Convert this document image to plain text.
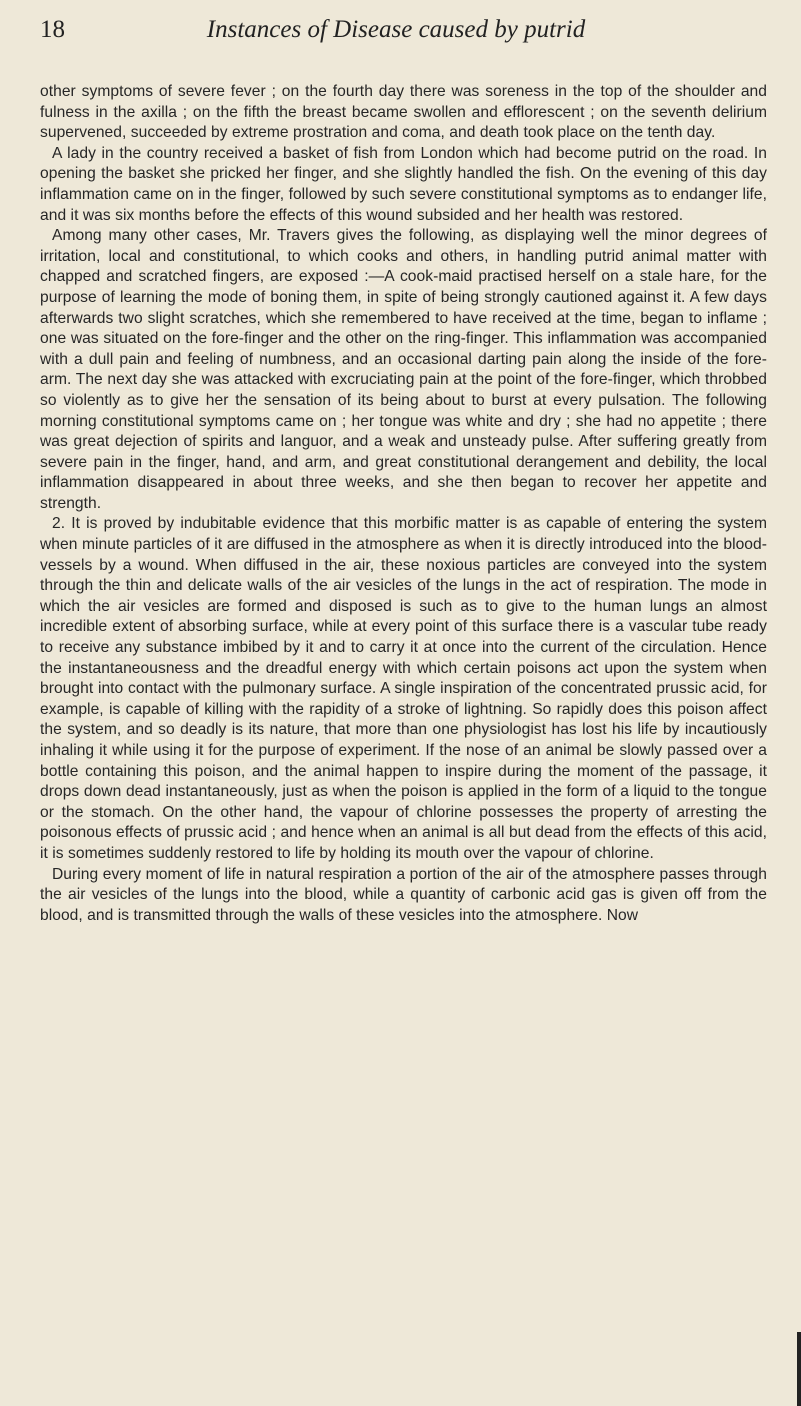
18	Instances of Disease caused by putrid

other symptoms of severe fever ; on the fourth day there was soreness in the top of the shoulder and fulness in the axilla ; on the fifth the breast became swollen and efflorescent ; on the seventh delirium supervened, succeeded by extreme prostration and coma, and death took place on the tenth day.

A lady in the country received a basket of fish from London which had become putrid on the road. In opening the basket she pricked her finger, and she slightly handled the fish. On the evening of this day inflammation came on in the finger, followed by such severe constitutional symptoms as to endanger life, and it was six months before the effects of this wound subsided and her health was restored.

Among many other cases, Mr. Travers gives the following, as displaying well the minor degrees of irritation, local and constitutional, to which cooks and others, in handling putrid animal matter with chapped and scratched fingers, are exposed :—A cook-maid practised herself on a stale hare, for the purpose of learning the mode of boning them, in spite of being strongly cautioned against it. A few days afterwards two slight scratches, which she remembered to have received at the time, began to inflame ; one was situated on the fore-finger and the other on the ring-finger. This inflammation was accompanied with a dull pain and feeling of numbness, and an occasional darting pain along the inside of the fore-arm. The next day she was attacked with excruciating pain at the point of the fore-finger, which throbbed so violently as to give her the sensation of its being about to burst at every pulsation. The following morning constitutional symptoms came on ; her tongue was white and dry ; she had no appetite ; there was great dejection of spirits and languor, and a weak and unsteady pulse. After suffering greatly from severe pain in the finger, hand, and arm, and great constitutional derangement and debility, the local inflammation disappeared in about three weeks, and she then began to recover her appetite and strength.

2. It is proved by indubitable evidence that this morbific matter is as capable of entering the system when minute particles of it are diffused in the atmosphere as when it is directly introduced into the blood-vessels by a wound. When diffused in the air, these noxious particles are conveyed into the system through the thin and delicate walls of the air vesicles of the lungs in the act of respiration. The mode in which the air vesicles are formed and disposed is such as to give to the human lungs an almost incredible extent of absorbing surface, while at every point of this surface there is a vascular tube ready to receive any substance imbibed by it and to carry it at once into the current of the circulation. Hence the instantaneousness and the dreadful energy with which certain poisons act upon the system when brought into contact with the pulmonary surface. A single inspiration of the concentrated prussic acid, for example, is capable of killing with the rapidity of a stroke of lightning. So rapidly does this poison affect the system, and so deadly is its nature, that more than one physiologist has lost his life by incautiously inhaling it while using it for the purpose of experiment. If the nose of an animal be slowly passed over a bottle containing this poison, and the animal happen to inspire during the moment of the passage, it drops down dead instantaneously, just as when the poison is applied in the form of a liquid to the tongue or the stomach. On the other hand, the vapour of chlorine possesses the property of arresting the poisonous effects of prussic acid ; and hence when an animal is all but dead from the effects of this acid, it is sometimes suddenly restored to life by holding its mouth over the vapour of chlorine.

During every moment of life in natural respiration a portion of the air of the atmosphere passes through the air vesicles of the lungs into the blood, while a quantity of carbonic acid gas is given off from the blood, and is transmitted through the walls of these vesicles into the atmosphere. Now
